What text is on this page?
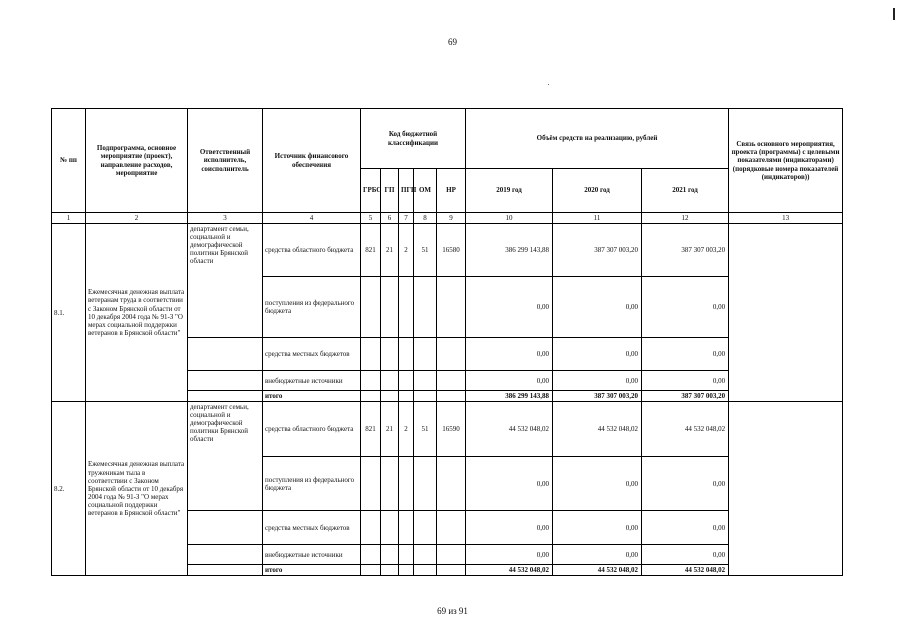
69
№ пп	Подпрограмма, основное мероприятие (проект), направление расходов, мероприятие	Ответственный исполнитель, соисполнитель	Источник финансового обеспечения	Код бюджетной классификации					Объём средств на реализацию, рублей			Связь основного мероприятия, проекта (программы) с целевыми показателями (индикаторами) (порядковые номера показателей (индикаторов))
				ГРБС	ГП	ПГП	ОМ	НР	2019 год	2020 год	2021 год	
1	2	3	4	5	6	7	8	9	10	11	12	13
8.1.	Ежемесячная денежная выплата ветеранам труда в соответствии с Законом Брянской области от 10 декабря 2004 года № 91-З "О мерах социальной поддержки ветеранов в Брянской области"	департамент семьи, социальной и демографической политики Брянской области	средства областного бюджета	821	21	2	51	16580	386 299 143,88	387 307 003,20	387 307 003,20	
			поступления из федерального бюджета						0,00	0,00	0,00	
			средства местных бюджетов						0,00	0,00	0,00	
			внебюджетные источники						0,00	0,00	0,00	
			итого						386 299 143,88	387 307 003,20	387 307 003,20	
8.2.	Ежемесячная денежная выплата труженикам тыла в соответствии с Законом Брянской области от 10 декабря 2004 года № 91-З "О мерах социальной поддержки ветеранов в Брянской области"	департамент семьи, социальной и демографической политики Брянской области	средства областного бюджета	821	21	2	51	16590	44 532 048,02	44 532 048,02	44 532 048,02	
			поступления из федерального бюджета						0,00	0,00	0,00	
			средства местных бюджетов						0,00	0,00	0,00	
			внебюджетные источники						0,00	0,00	0,00	
			итого						44 532 048,02	44 532 048,02	44 532 048,02	
69 из 91
